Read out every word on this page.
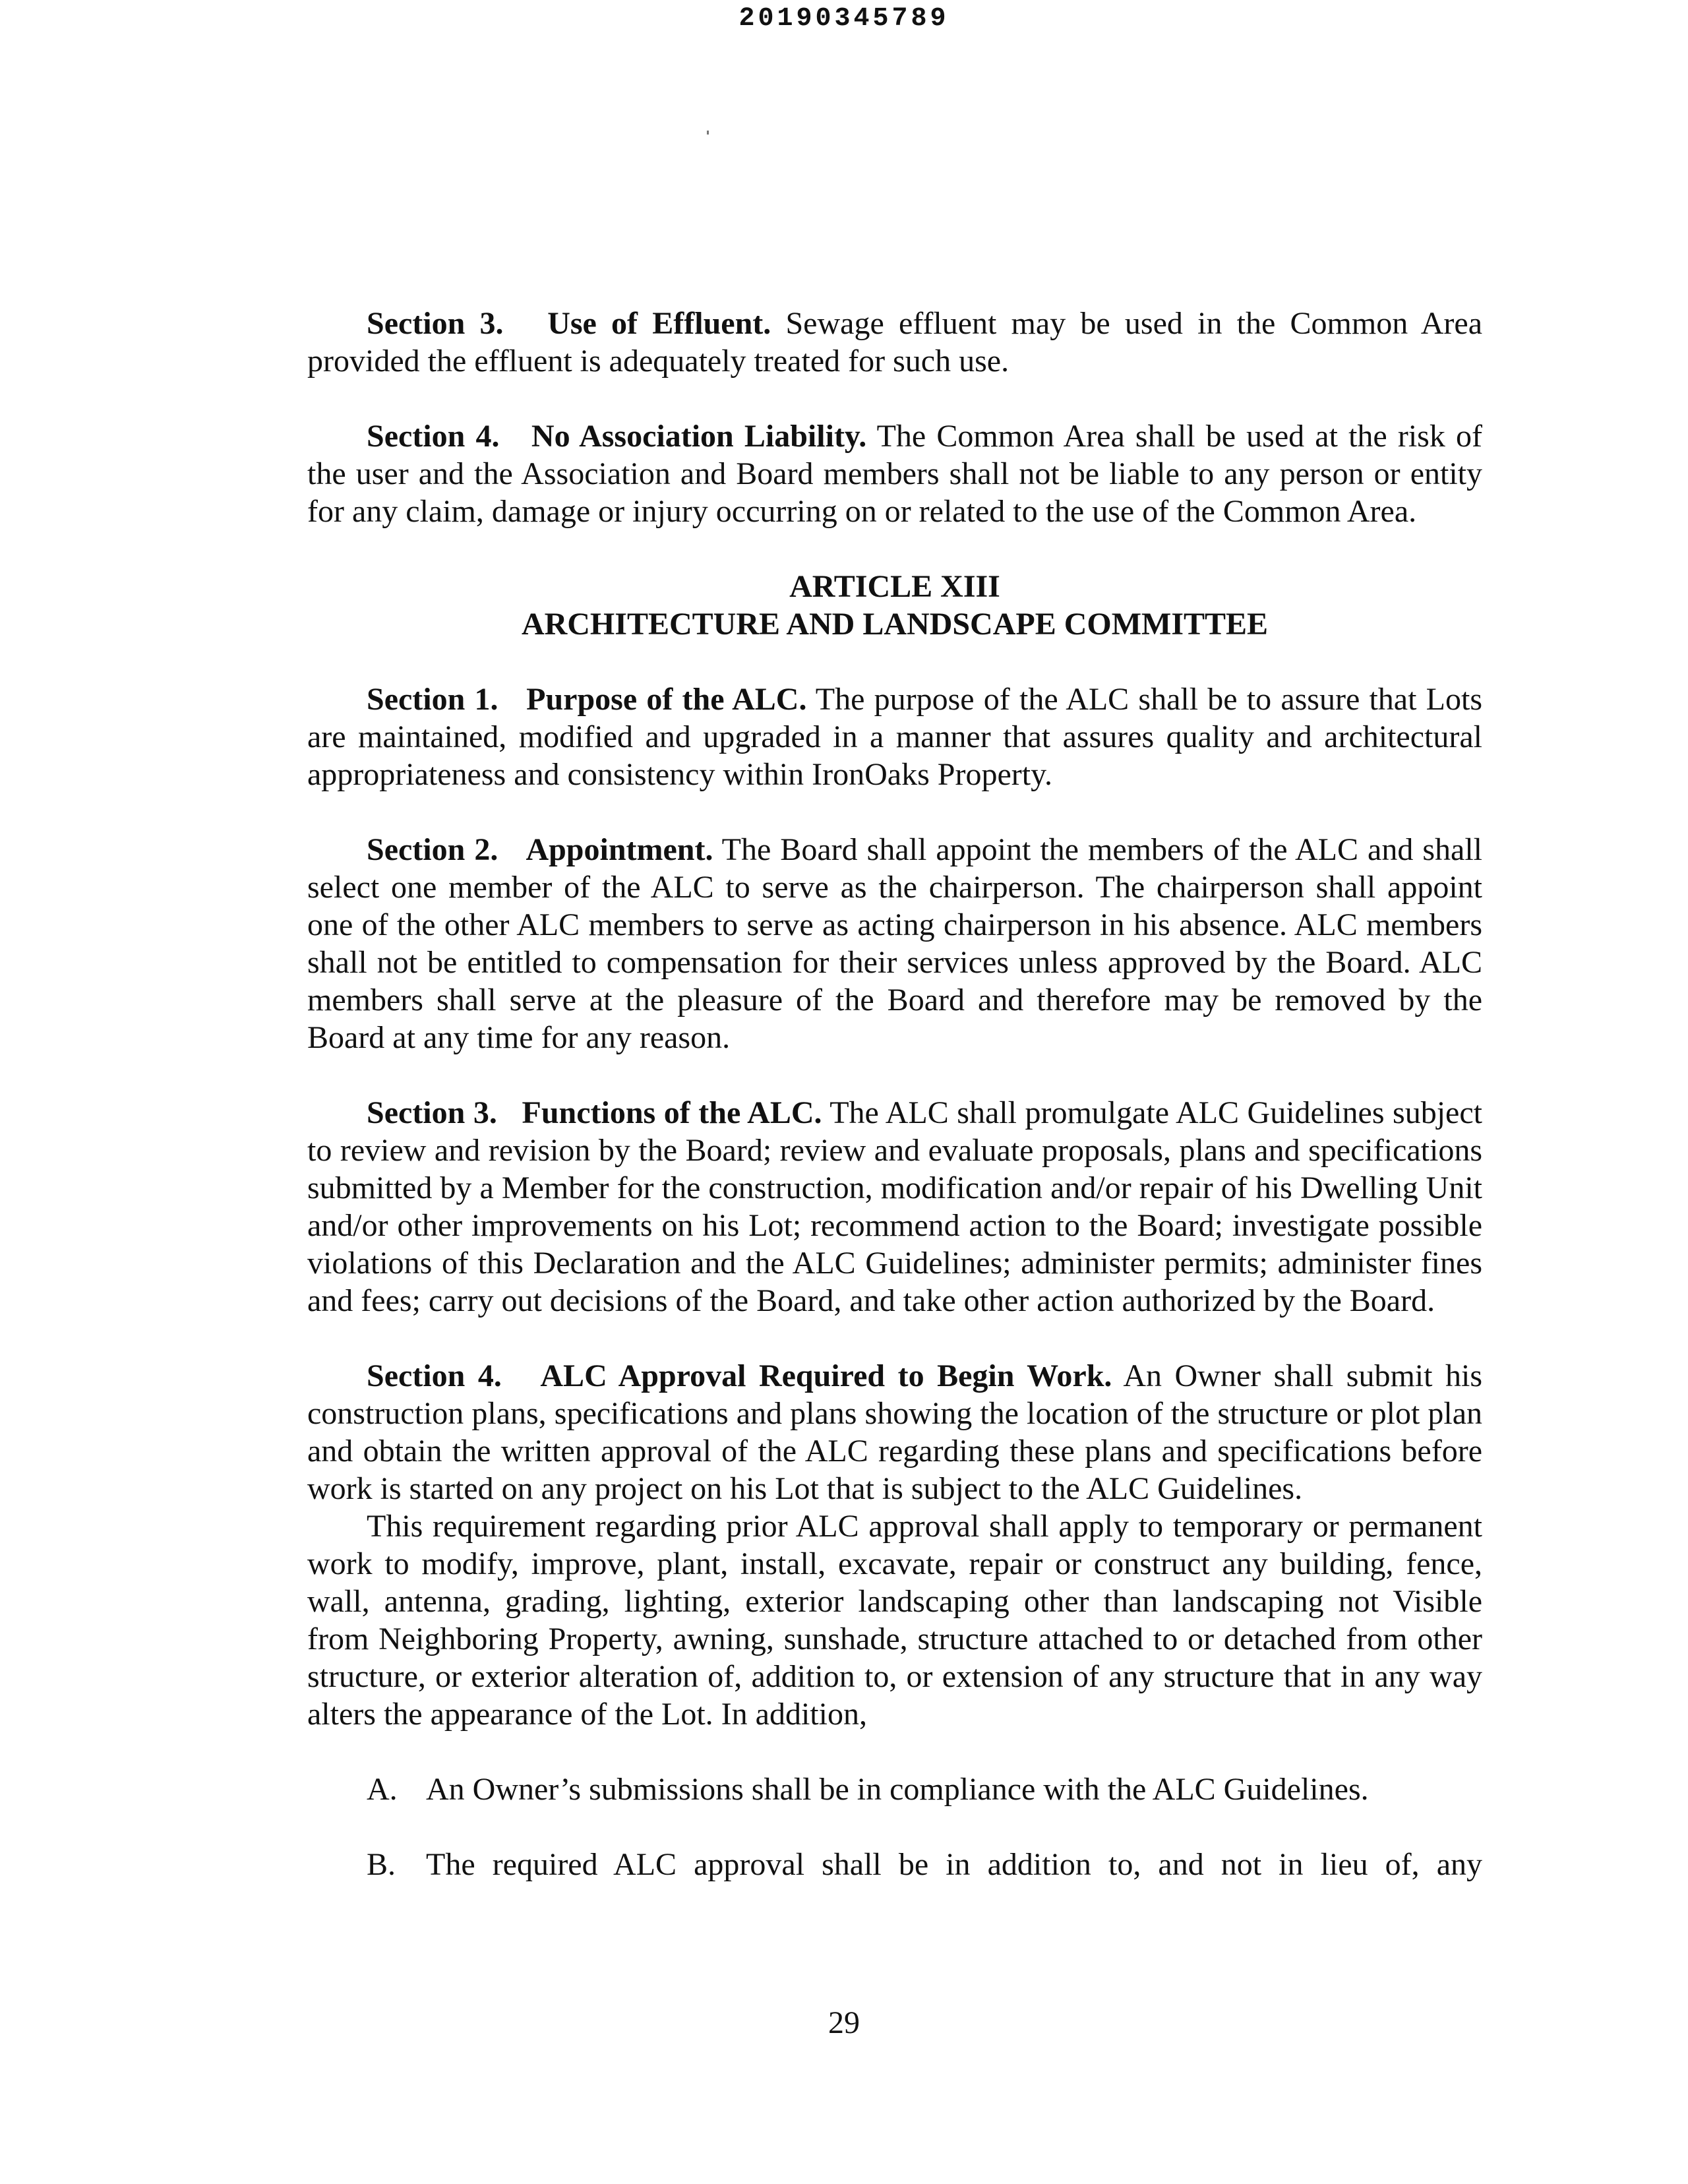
20190345789

Section 3. Use of Effluent. Sewage effluent may be used in the Common Area provided the effluent is adequately treated for such use.

Section 4. No Association Liability. The Common Area shall be used at the risk of the user and the Association and Board members shall not be liable to any person or entity for any claim, damage or injury occurring on or related to the use of the Common Area.

ARTICLE XIII
ARCHITECTURE AND LANDSCAPE COMMITTEE

Section 1. Purpose of the ALC. The purpose of the ALC shall be to assure that Lots are maintained, modified and upgraded in a manner that assures quality and architectural appropriateness and consistency within IronOaks Property.

Section 2. Appointment. The Board shall appoint the members of the ALC and shall select one member of the ALC to serve as the chairperson. The chairperson shall appoint one of the other ALC members to serve as acting chairperson in his absence. ALC members shall not be entitled to compensation for their services unless approved by the Board. ALC members shall serve at the pleasure of the Board and therefore may be removed by the Board at any time for any reason.

Section 3. Functions of the ALC. The ALC shall promulgate ALC Guidelines subject to review and revision by the Board; review and evaluate proposals, plans and specifications submitted by a Member for the construction, modification and/or repair of his Dwelling Unit and/or other improvements on his Lot; recommend action to the Board; investigate possible violations of this Declaration and the ALC Guidelines; administer permits; administer fines and fees; carry out decisions of the Board, and take other action authorized by the Board.

Section 4. ALC Approval Required to Begin Work. An Owner shall submit his construction plans, specifications and plans showing the location of the structure or plot plan and obtain the written approval of the ALC regarding these plans and specifications before work is started on any project on his Lot that is subject to the ALC Guidelines.

This requirement regarding prior ALC approval shall apply to temporary or permanent work to modify, improve, plant, install, excavate, repair or construct any building, fence, wall, antenna, grading, lighting, exterior landscaping other than landscaping not Visible from Neighboring Property, awning, sunshade, structure attached to or detached from other structure, or exterior alteration of, addition to, or extension of any structure that in any way alters the appearance of the Lot. In addition,

A. An Owner’s submissions shall be in compliance with the ALC Guidelines.
B. The required ALC approval shall be in addition to, and not in lieu of, any
29
